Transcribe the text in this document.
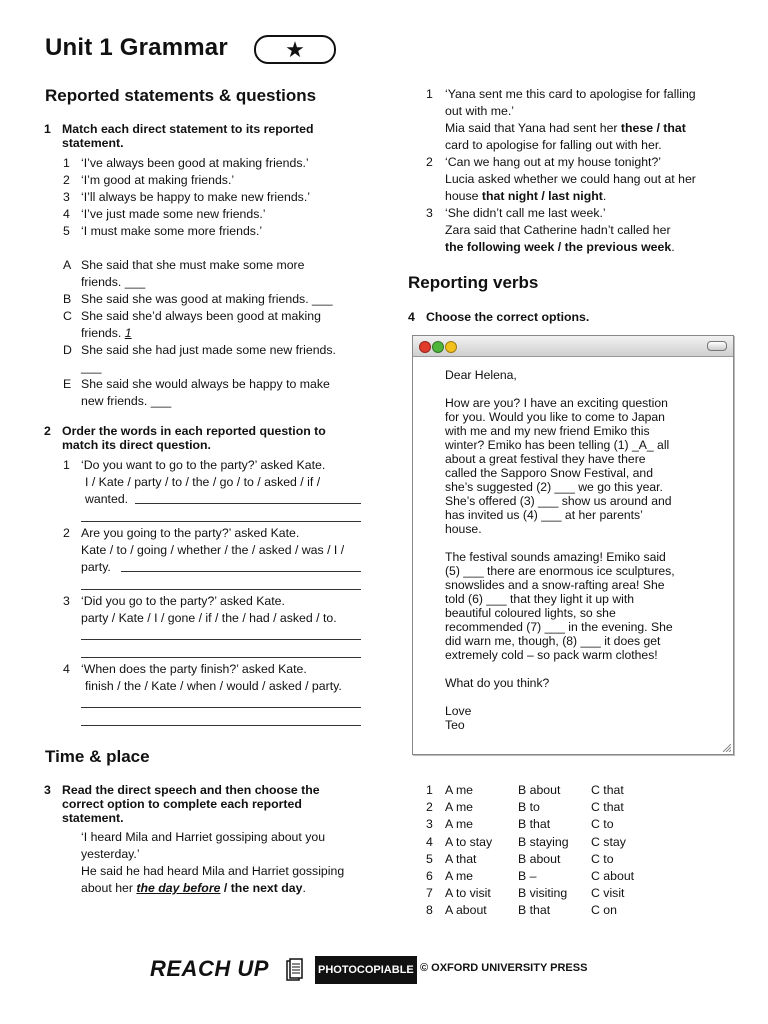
Unit 1 Grammar	★
Reported statements & questions
1 Match each direct statement to its reported
statement.
1 ‘I’ve always been good at making friends.’
2 ‘I’m good at making friends.’
3 ‘I’ll always be happy to make new friends.’
4 ‘I’ve just made some new friends.’
5 ‘I must make some more friends.’
A She said that she must make some more
friends. ___
B She said she was good at making friends. ___
C She said she’d always been good at making
friends. 1
D She said she had just made some new friends.
___
E She said she would always be happy to make
new friends. ___
2 Order the words in each reported question to
match its direct question.
1 ‘Do you want to go to the party?’ asked Kate.
I / Kate / party / to / the / go / to / asked / if /
wanted.
2 Are you going to the party?’ asked Kate.
Kate / to / going / whether / the / asked / was / I /
party.
3 ‘Did you go to the party?’ asked Kate.
party / Kate / I / gone / if / the / had / asked / to.
4 ‘When does the party finish?’ asked Kate.
finish / the / Kate / when / would / asked / party.
Time & place
3 Read the direct speech and then choose the
correct option to complete each reported
statement.
‘I heard Mila and Harriet gossiping about you
yesterday.’
He said he had heard Mila and Harriet gossiping
about her the day before / the next day.
1 ‘Yana sent me this card to apologise for falling
out with me.’
Mia said that Yana had sent her these / that
card to apologise for falling out with her.
2 ‘Can we hang out at my house tonight?’
Lucia asked whether we could hang out at her
house that night / last night.
3 ‘She didn’t call me last week.’
Zara said that Catherine hadn’t called her
the following week / the previous week.
Reporting verbs
4 Choose the correct options.

Dear Helena,

How are you? I have an exciting question
for you. Would you like to come to Japan
with me and my new friend Emiko this
winter? Emiko has been telling (1) _A_ all
about a great festival they have there
called the Sapporo Snow Festival, and
she’s suggested (2) ___ we go this year.
She’s offered (3) ___ show us around and
has invited us (4) ___ at her parents’
house.

The festival sounds amazing! Emiko said
(5) ___ there are enormous ice sculptures,
snowslides and a snow-rafting area! She
told (6) ___ that they light it up with
beautiful coloured lights, so she
recommended (7) ___ in the evening. She
did warn me, though, (8) ___ it does get
extremely cold – so pack warm clothes!

What do you think?

Love
Teo

1 A me	B about C that
2 A me	B to	C that
3 A me	B that	C to
4 A to stay B staying C stay
5 A that	B about C to
6 A me	B –	C about
7 A to visit B visiting C visit
8 A about	B that	C on
REACH UP	PHOTOCOPIABLE © OXFORD UNIVERSITY PRESS
